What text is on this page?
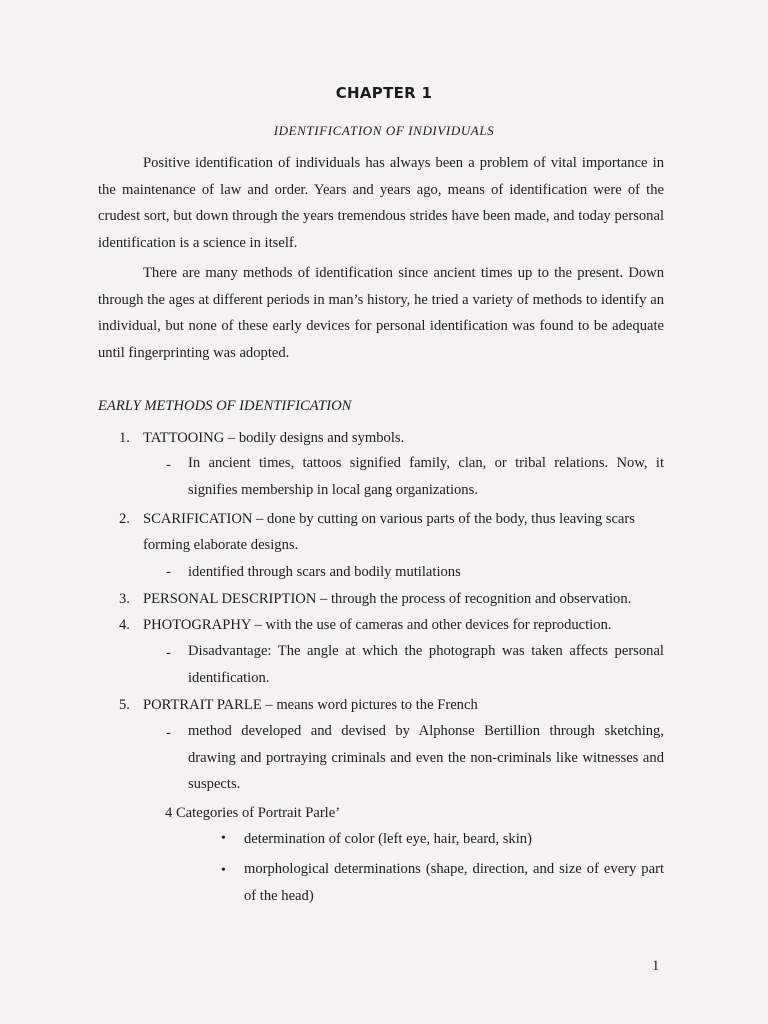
CHAPTER 1
IDENTIFICATION OF INDIVIDUALS

Positive identification of individuals has always been a problem of vital importance in the maintenance of law and order. Years and years ago, means of identification were of the crudest sort, but down through the years tremendous strides have been made, and today personal identification is a science in itself.

There are many methods of identification since ancient times up to the present. Down through the ages at different periods in man’s history, he tried a variety of methods to identify an individual, but none of these early devices for personal identification was found to be adequate until fingerprinting was adopted.

EARLY METHODS OF IDENTIFICATION
1. TATTOOING – bodily designs and symbols.
- In ancient times, tattoos signified family, clan, or tribal relations. Now, it signifies membership in local gang organizations.

2. SCARIFICATION – done by cutting on various parts of the body, thus leaving scars
forming elaborate designs.
- identified through scars and bodily mutilations
3. PERSONAL DESCRIPTION – through the process of recognition and observation.
4. PHOTOGRAPHY – with the use of cameras and other devices for reproduction.
- Disadvantage: The angle at which the photograph was taken affects personal identification.

5. PORTRAIT PARLE – means word pictures to the French
- method developed and devised by Alphonse Bertillion through sketching, drawing and portraying criminals and even the non-criminals like witnesses and suspects.

4 Categories of Portrait Parle’
• determination of color (left eye, hair, beard, skin)
• morphological determinations (shape, direction, and size of every part of the head)

1
